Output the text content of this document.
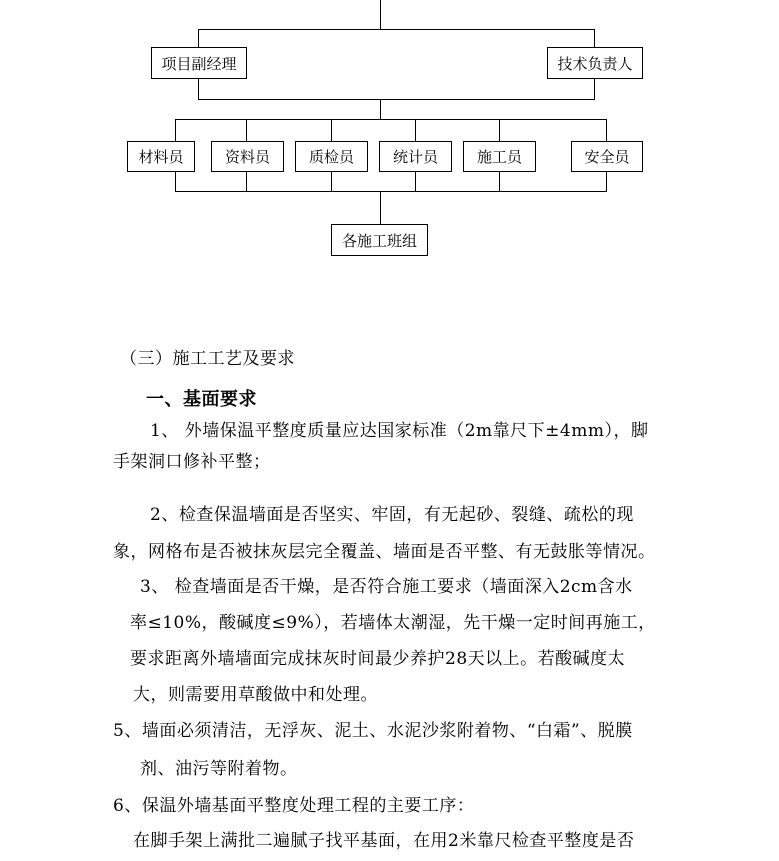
项目副经理	技术负责人
材料员	资料员	质检员	统计员	施工员	安全员
各施工班组
（三）施工工艺及要求
一、基面要求
1、 外墙保温平整度质量应达国家标准（2m靠尺下±4mm），脚
手架洞口修补平整；
2、检查保温墙面是否坚实、牢固，有无起砂、裂缝、疏松的现
象，网格布是否被抹灰层完全覆盖、墙面是否平整、有无鼓胀等情况。
3、 检查墙面是否干燥，是否符合施工要求（墙面深入2cm含水
率≤10%，酸碱度≤9%），若墙体太潮湿，先干燥一定时间再施工，
要求距离外墙墙面完成抹灰时间最少养护28天以上。若酸碱度太
大，则需要用草酸做中和处理。
5、墙面必须清洁，无浮灰、泥土、水泥沙浆附着物、“白霜”、脱膜
剂、油污等附着物。
6、保温外墙基面平整度处理工程的主要工序：
在脚手架上满批二遍腻子找平基面，在用2米靠尺检查平整度是否
